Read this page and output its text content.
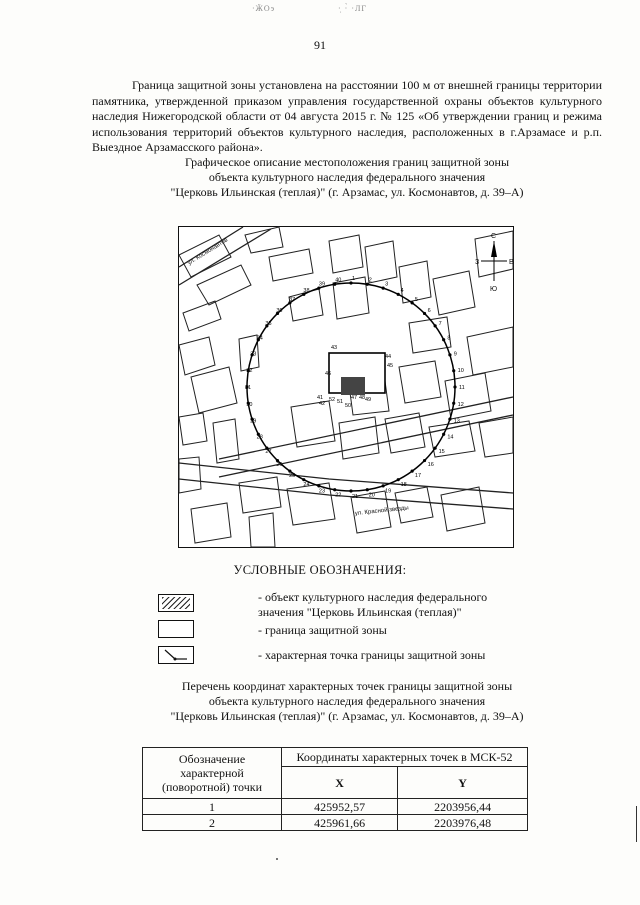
·ӜОэ	·̣ ·̀ ·ЛГ
91

Граница защитной зоны установлена на расстоянии 100 м от внешней границы территории памятника, утвержденной приказом управления государственной охраны объектов культурного наследия Нижегородской области от 04 августа 2015 г. № 125 «Об утверждении границ и режима использования территорий объектов культурного наследия, расположенных в г.Арзамасе и р.п. Выездное Арзамасского района».

Графическое описание местоположения границ защитной зоны
объекта культурного наследия федерального значения
"Церковь Ильинская (теплая)" (г. Арзамас, ул. Космонавтов, д. 39–А)
1 2
3
4
5
6
7
8
9
10
11
12
13
14
15
16
17
18
19
20
21
22
23
24
25
26
27
28
29
30
31
32
33
34
35
36
37
38
39
40
41
42
43
44
45
46
47 48 49
50
51
52
ул. Космонавтов
ул. Красной звезды
С
З	В
Ю
УСЛОВНЫЕ ОБОЗНАЧЕНИЯ:
- объект культурного наследия федерального
значения "Церковь Ильинская (теплая)"
- граница защитной зоны
- характерная точка границы защитной зоны
Перечень координат характерных точек границы защитной зоны
объекта культурного наследия федерального значения
"Церковь Ильинская (теплая)" (г. Арзамас, ул. Космонавтов, д. 39–А)
Обозначение характерной (поворотной) точки	Координаты характерных точек в МСК-52	
	X	Y
1	425952,57	2203956,44
2	425961,66	2203976,48
